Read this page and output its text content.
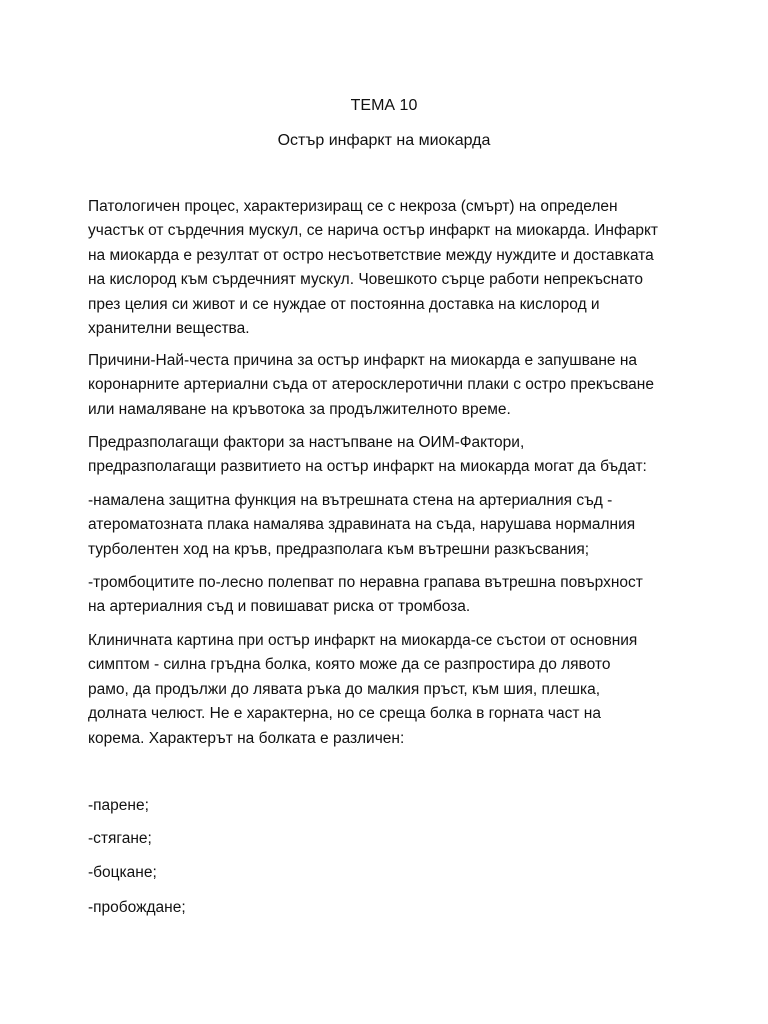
ТЕМА 10
Остър инфаркт на миокарда
Патологичен процес, характеризиращ се с некроза (смърт) на определен
участък от сърдечния мускул, се нарича остър инфаркт на миокарда. Инфаркт
на миокарда е резултат от остро несъответствие между нуждите и доставката
на кислород към сърдечният мускул. Човешкото сърце работи непрекъснато
през целия си живот и се нуждае от постоянна доставка на кислород и
хранителни вещества.
Причини-Най-честа причина за остър инфаркт на миокарда е запушване на
коронарните артериални съда от атеросклеротични плаки с остро прекъсване
или намаляване на кръвотока за продължителното време.
Предразполагащи фактори за настъпване на ОИМ-Фактори,
предразполагащи развитието на остър инфаркт на миокарда могат да бъдат:
-намалена защитна функция на вътрешната стена на артериалния съд -
атероматозната плака намалява здравината на съда, нарушава нормалния
турболентен ход на кръв, предразполага към вътрешни разкъсвания;
-тромбоцитите по-лесно полепват по неравна грапава вътрешна повърхност
на артериалния съд и повишават риска от тромбоза.
Клиничната картина при остър инфаркт на миокарда-се състои от основния
симптом - силна гръдна болка, която може да се разпростира до лявото
рамо, да продължи до лявата ръка до малкия пръст, към шия, плешка,
долната челюст. Не е характерна, но се среща болка в горната част на
корема. Характерът на болката е различен:
-парене;
-стягане;
-боцкане;
-пробождане;
